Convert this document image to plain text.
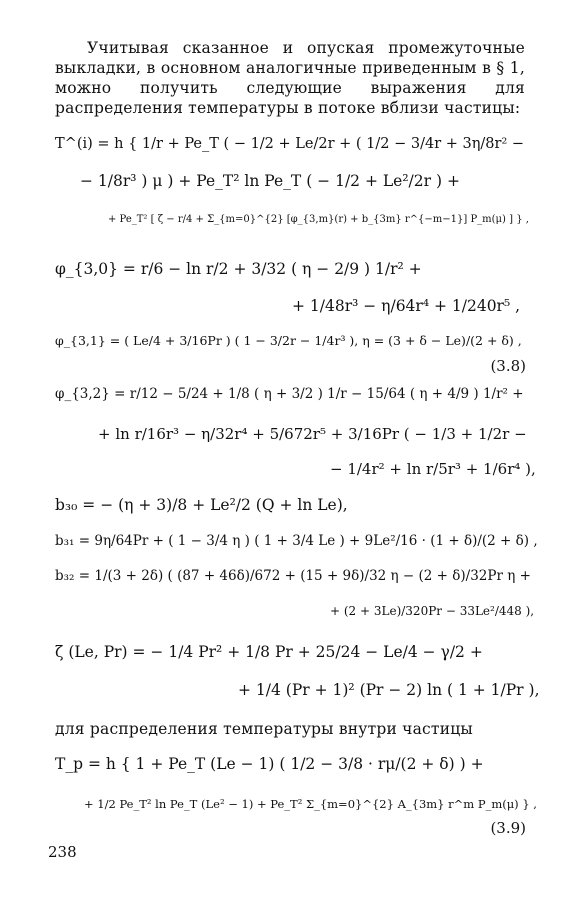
Учитывая сказанное и опуская промежуточные выкладки, в основном аналогичные приведенным в § 1, можно получить следующие выражения для распределения температуры в потоке вблизи частицы:
T^(i) = h { 1/r + Pe_T ( − 1/2 + Le/2r + ( 1/2 − 3/4r + 3η/8r² −
− 1/8r³ ) μ ) + Pe_T² ln Pe_T ( − 1/2 + Le²/2r ) +
+ Pe_T² [ ζ − r/4 + Σ_{m=0}^{2} [φ_{3,m}(r) + b_{3m} r^{−m−1}] P_m(μ) ] } ,
φ_{3,0} = r/6 − ln r/2 + 3/32 ( η − 2/9 ) 1/r² +
+ 1/48r³ − η/64r⁴ + 1/240r⁵ ,
φ_{3,1} = ( Le/4 + 3/16Pr ) ( 1 − 3/2r − 1/4r³ ), η = (3 + δ − Le)/(2 + δ) ,
(3.8)
φ_{3,2} = r/12 − 5/24 + 1/8 ( η + 3/2 ) 1/r − 15/64 ( η + 4/9 ) 1/r² +
+ ln r/16r³ − η/32r⁴ + 5/672r⁵ + 3/16Pr ( − 1/3 + 1/2r −
− 1/4r² + ln r/5r³ + 1/6r⁴ ),
b₃₀ = − (η + 3)/8 + Le²/2 (Q + ln Le),
b₃₁ = 9η/64Pr + ( 1 − 3/4 η ) ( 1 + 3/4 Le ) + 9Le²/16 · (1 + δ)/(2 + δ) ,
b₃₂ = 1/(3 + 2δ) ( (87 + 46δ)/672 + (15 + 9δ)/32 η − (2 + δ)/32Pr η +
+ (2 + 3Le)/320Pr − 33Le²/448 ),
ζ (Le, Pr) = − 1/4 Pr² + 1/8 Pr + 25/24 − Le/4 − γ/2 +
+ 1/4 (Pr + 1)² (Pr − 2) ln ( 1 + 1/Pr ),
для распределения температуры внутри частицы
T_p = h { 1 + Pe_T (Le − 1) ( 1/2 − 3/8 · rμ/(2 + δ) ) +
+ 1/2 Pe_T² ln Pe_T (Le² − 1) + Pe_T² Σ_{m=0}^{2} A_{3m} r^m P_m(μ) } ,
(3.9)
238
